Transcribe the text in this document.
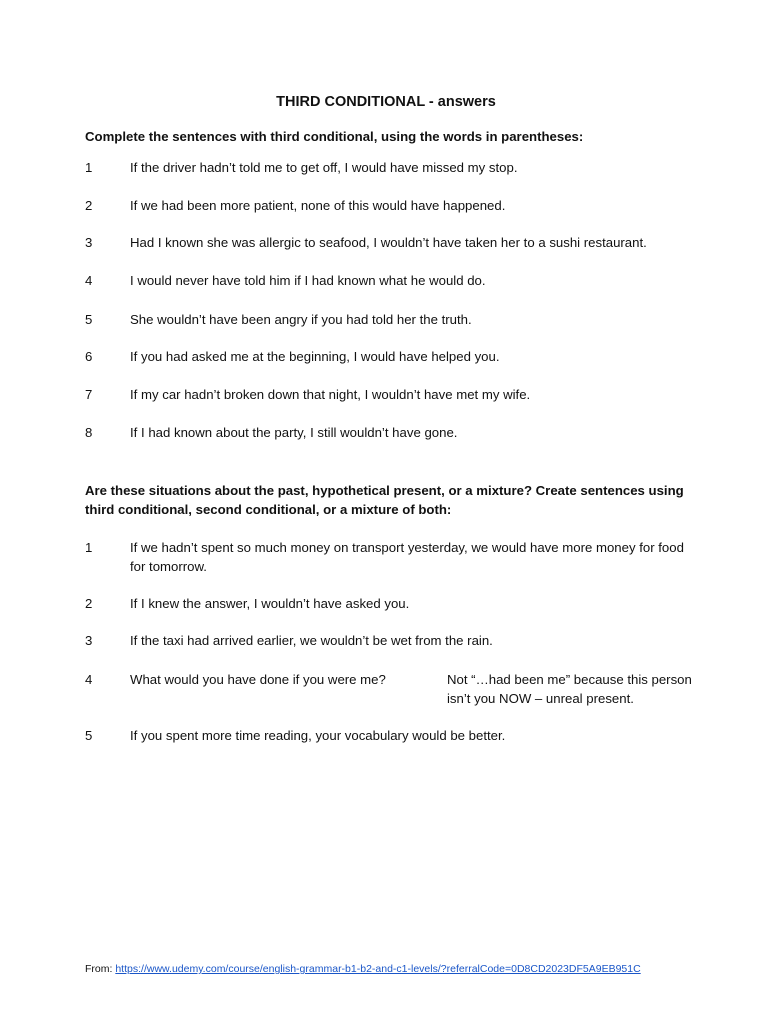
THIRD CONDITIONAL - answers
Complete the sentences with third conditional, using the words in parentheses:
1	If the driver hadn’t told me to get off, I would have missed my stop.
2	If we had been more patient, none of this would have happened.
3	Had I known she was allergic to seafood, I wouldn’t have taken her to a sushi restaurant.
4	I would never have told him if I had known what he would do.
5	She wouldn’t have been angry if you had told her the truth.
6	If you had asked me at the beginning, I would have helped you.
7	If my car hadn’t broken down that night, I wouldn’t have met my wife.
8	If I had known about the party, I still wouldn’t have gone.
Are these situations about the past, hypothetical present, or a mixture? Create sentences using third conditional, second conditional, or a mixture of both:
1	If we hadn’t spent so much money on transport yesterday, we would have more money for food for tomorrow.
2	If I knew the answer, I wouldn’t have asked you.
3	If the taxi had arrived earlier, we wouldn’t be wet from the rain.
4	What would you have done if you were me?	Not “…had been me” because this person isn’t you NOW – unreal present.
5	If you spent more time reading, your vocabulary would be better.
From: https://www.udemy.com/course/english-grammar-b1-b2-and-c1-levels/?referralCode=0D8CD2023DF5A9EB951C
